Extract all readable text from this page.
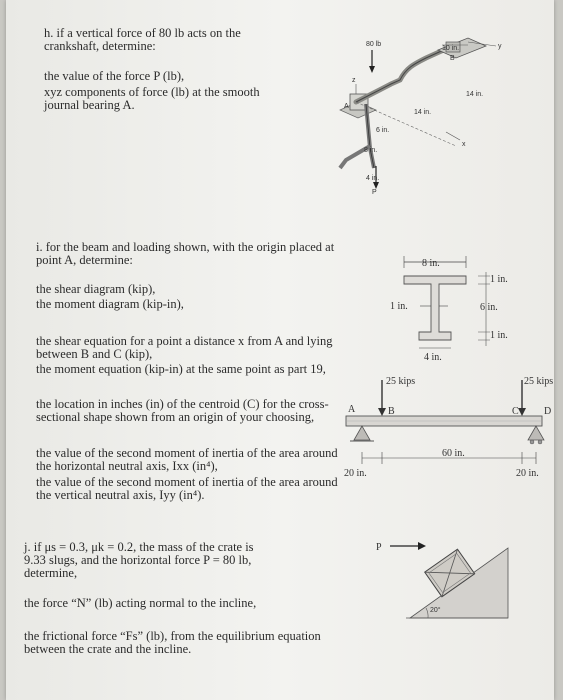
h. if a vertical force of 80 lb acts on the
crankshaft, determine:
the value of the force P (lb),
xyz components of force (lb) at the smooth
journal bearing A.
80 lb
10 in.
14 in.
14 in.
6 in.
8 in.
4 in.
A
B
P
x
y
z
i. for the beam and loading shown, with the origin placed at
point A, determine:
the shear diagram (kip),
the moment diagram (kip-in),
the shear equation for a point a distance x from A and lying
between B and C (kip),
the moment equation (kip-in) at the same point as part 19,
the location in inches (in) of the centroid (C) for the cross-
sectional shape shown from an origin of your choosing,
the value of the second moment of inertia of the area around
the horizontal neutral axis, Ixx (in⁴),
the value of the second moment of inertia of the area around
the vertical neutral axis, Iyy (in⁴).
8 in.
1 in.
6 in.
1 in.
1 in.
4 in.
25 kips	25 kips
A	B	C	D
20 in.
60 in.
20 in.
j. if μs = 0.3, μk = 0.2, the mass of the crate is
9.33 slugs, and the horizontal force P = 80 lb,
determine,
the force “N” (lb) acting normal to the incline,
the frictional force “Fs” (lb), from the equilibrium equation
between the crate and the incline.
P
20°
